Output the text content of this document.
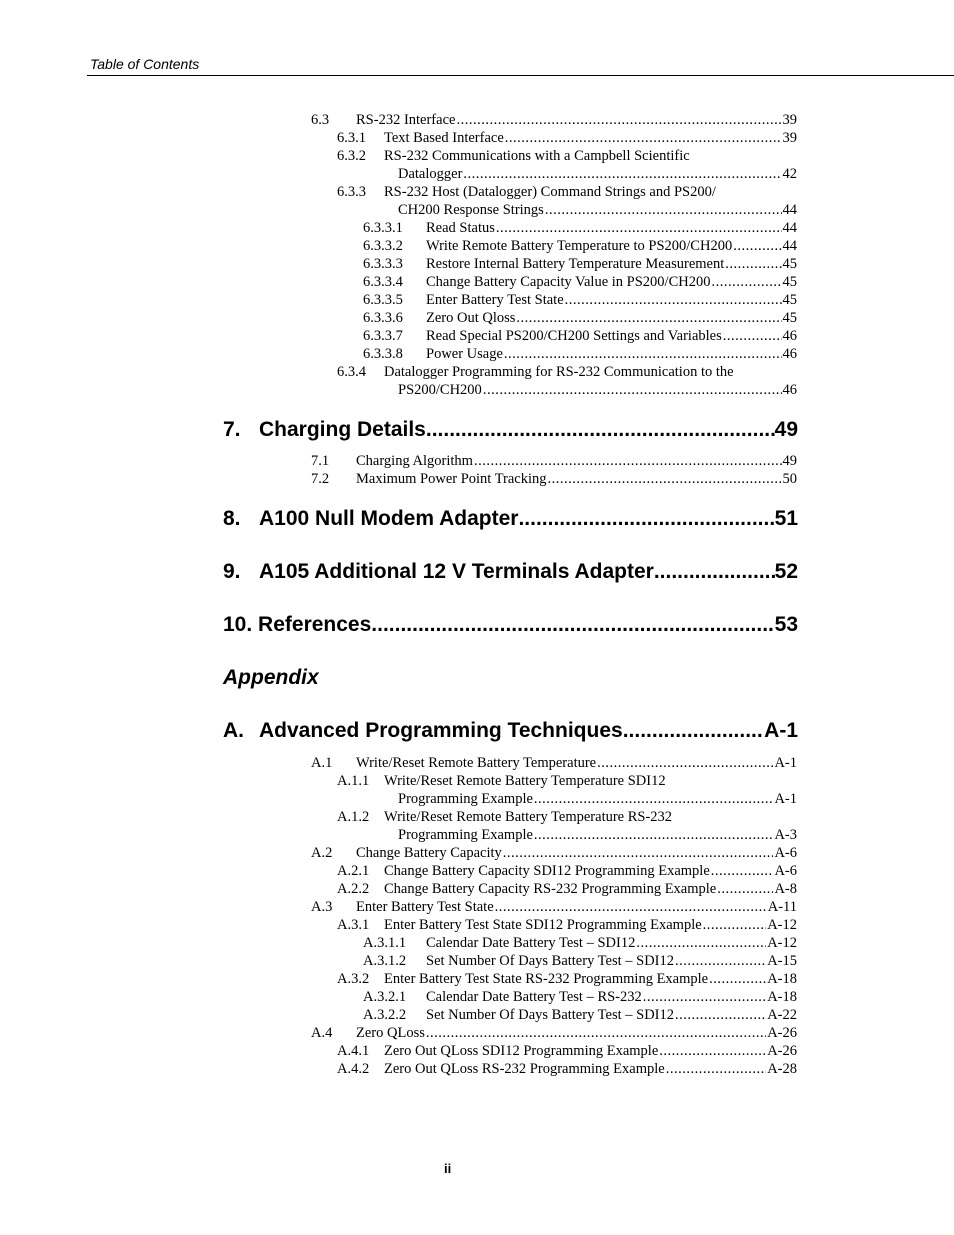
Table of Contents
6.3	RS-232 Interface .....	39
6.3.1	Text Based Interface .....	39
6.3.2	RS-232 Communications with a Campbell Scientific
Datalogger .....	42
6.3.3	RS-232 Host (Datalogger) Command Strings and PS200/
CH200 Response Strings .....	44
6.3.3.1	Read Status .....	44
6.3.3.2	Write Remote Battery Temperature to PS200/CH200 .....	44
6.3.3.3	Restore Internal Battery Temperature Measurement .....	45
6.3.3.4	Change Battery Capacity Value in PS200/CH200 .....	45
6.3.3.5	Enter Battery Test State .....	45
6.3.3.6	Zero Out Qloss .....	45
6.3.3.7	Read Special PS200/CH200 Settings and Variables .....	46
6.3.3.8	Power Usage .....	46
6.3.4	Datalogger Programming for RS-232 Communication to the
PS200/CH200 .....	46
7. Charging Details .....	49
7.1	Charging Algorithm .....	49
7.2	Maximum Power Point Tracking .....	50
8. A100 Null Modem Adapter .....	51
9. A105 Additional 12 V Terminals Adapter .....	52
10. References .....	53
Appendix
A. Advanced Programming Techniques .....	A-1
A.1	Write/Reset Remote Battery Temperature .....	A-1
A.1.1	Write/Reset Remote Battery Temperature SDI12
Programming Example .....	A-1
A.1.2	Write/Reset Remote Battery Temperature RS-232
Programming Example .....	A-3
A.2	Change Battery Capacity .....	A-6
A.2.1	Change Battery Capacity SDI12 Programming Example .....	A-6
A.2.2	Change Battery Capacity RS-232 Programming Example .....	A-8
A.3	Enter Battery Test State .....	A-11
A.3.1	Enter Battery Test State SDI12 Programming Example .....	A-12
A.3.1.1	Calendar Date Battery Test – SDI12 .....	A-12
A.3.1.2	Set Number Of Days Battery Test – SDI12 .....	A-15
A.3.2	Enter Battery Test State RS-232 Programming Example .....	A-18
A.3.2.1	Calendar Date Battery Test – RS-232 .....	A-18
A.3.2.2	Set Number Of Days Battery Test – SDI12 .....	A-22
A.4	Zero QLoss .....	A-26
A.4.1	Zero Out QLoss SDI12 Programming Example .....	A-26
A.4.2	Zero Out QLoss RS-232 Programming Example .....	A-28
ii
